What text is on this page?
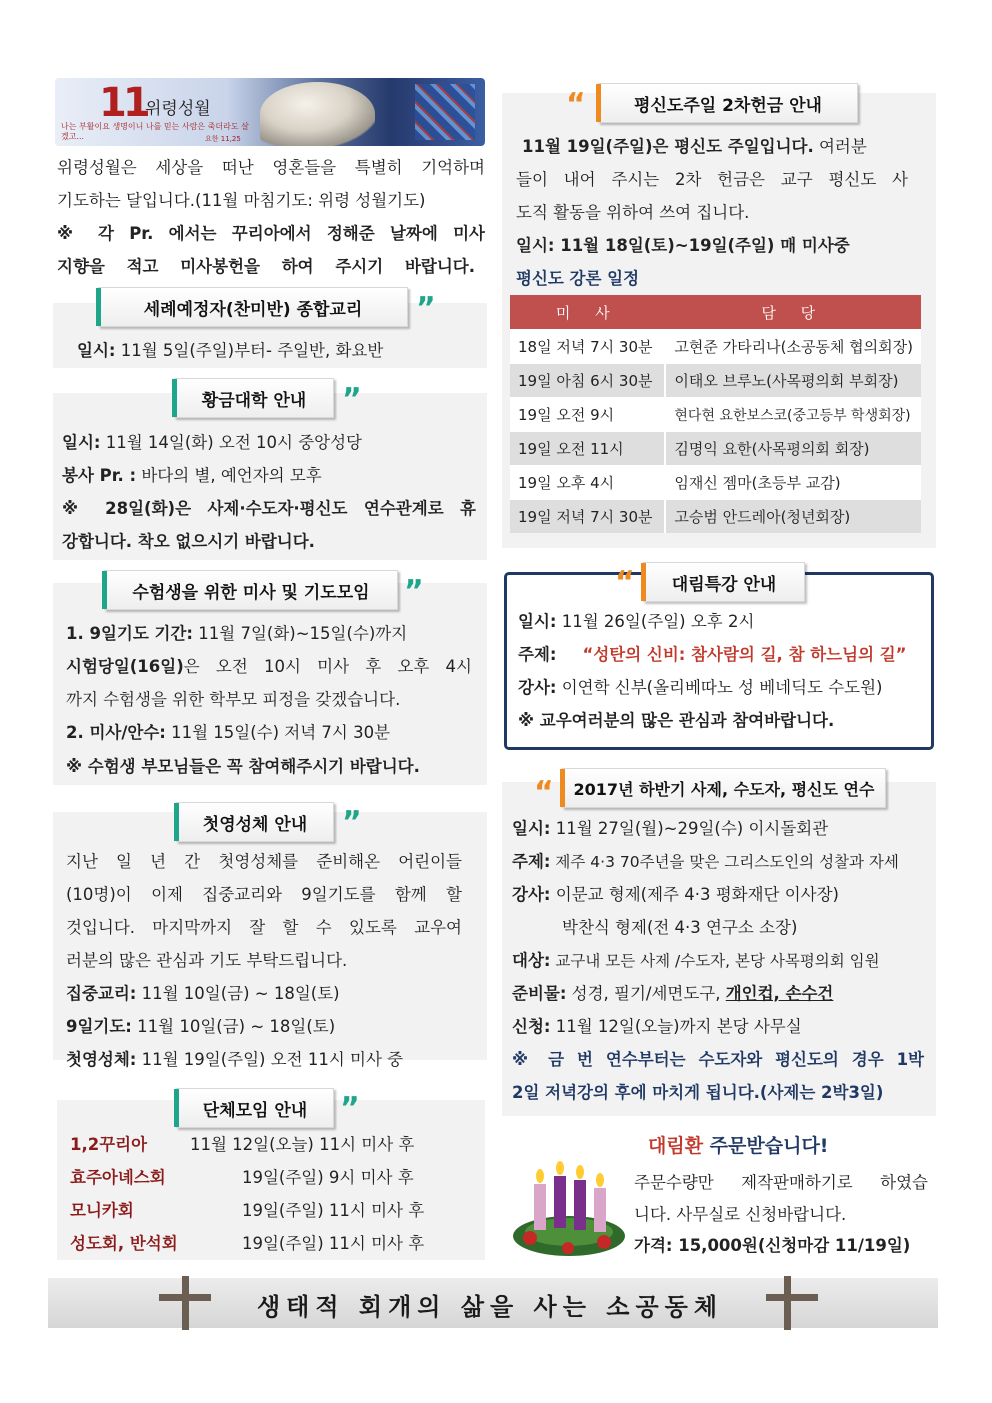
11
위령성월
나는 부활이요 생명이니 나를 믿는 사람은 죽더라도 살겠고...	요한 11,25
위령성월은 세상을 떠난 영혼들을 특별히 기억하며
기도하는 달입니다.(11월 마침기도: 위령 성월기도)
※ 각 Pr. 에서는 꾸리아에서 정해준 날짜에 미사
지향을 적고 미사봉헌을 하여 주시기 바랍니다.
세례예정자(찬미반) 종합교리	”
일시: 11월 5일(주일)부터- 주일반, 화요반
황금대학 안내	”
일시: 11월 14일(화) 오전 10시 중앙성당
봉사 Pr. : 바다의 별, 예언자의 모후
※ 28일(화)은 사제·수도자·평신도 연수관계로 휴
강합니다. 착오 없으시기 바랍니다.
수험생을 위한 미사 및 기도모임	”
1. 9일기도 기간: 11월 7일(화)~15일(수)까지
시험당일(16일)은 오전 10시 미사 후 오후 4시
까지 수험생을 위한 학부모 피정을 갖겠습니다.
2. 미사/안수: 11월 15일(수) 저녁 7시 30분
※ 수험생 부모님들은 꼭 참여해주시기 바랍니다.
첫영성체 안내	”
지난 일 년 간 첫영성체를 준비해온 어린이들
(10명)이 이제 집중교리와 9일기도를 함께 할
것입니다. 마지막까지 잘 할 수 있도록 교우여
러분의 많은 관심과 기도 부탁드립니다.
집중교리: 11월 10일(금) ~ 18일(토)
9일기도: 11월 10일(금) ~ 18일(토)
첫영성체: 11월 19일(주일) 오전 11시 미사 중
단체모임 안내	”
1,2꾸리아	11월 12일(오늘) 11시 미사 후
효주아녜스회	19일(주일) 9시 미사 후
모니카회	19일(주일) 11시 미사 후
성도회, 반석회	19일(주일) 11시 미사 후
“	평신도주일 2차헌금 안내
11월 19일(주일)은 평신도 주일입니다. 여러분
들이 내어 주시는 2차 헌금은 교구 평신도 사
도직 활동을 위하여 쓰여 집니다.
일시: 11월 18일(토)~19일(주일) 매 미사중
평신도 강론 일정
미 사	담 당
18일 저녁 7시 30분	고현준 가타리나(소공동체 협의회장)
19일 아침 6시 30분	이태오 브루노(사목평의회 부회장)
19일 오전 9시	현다현 요한보스코(중고등부 학생회장)
19일 오전 11시	김명익 요한(사목평의회 회장)
19일 오후 4시	임재신 젬마(초등부 교감)
19일 저녁 7시 30분	고승범 안드레아(청년회장)
“	대림특강 안내
일시: 11월 26일(주일) 오후 2시
주제: “성탄의 신비: 참사람의 길, 참 하느님의 길”
강사: 이연학 신부(올리베따노 성 베네딕도 수도원)
※ 교우여러분의 많은 관심과 참여바랍니다.
“	2017년 하반기 사제, 수도자, 평신도 연수
일시: 11월 27일(월)~29일(수) 이시돌회관
주제: 제주 4·3 70주년을 맞은 그리스도인의 성찰과 자세
강사: 이문교 형제(제주 4·3 평화재단 이사장)
박찬식 형제(전 4·3 연구소 소장)
대상: 교구내 모든 사제 /수도자, 본당 사목평의회 임원
준비물: 성경, 필기/세면도구, 개인컵, 손수건
신청: 11월 12일(오늘)까지 본당 사무실
※ 금 번 연수부터는 수도자와 평신도의 경우 1박
2일 저녁강의 후에 마치게 됩니다.(사제는 2박3일)
대림환 주문받습니다!
주문수량만 제작판매하기로 하였습
니다. 사무실로 신청바랍니다.
가격: 15,000원(신청마감 11/19일)
생태적 회개의 삶을 사는 소공동체
